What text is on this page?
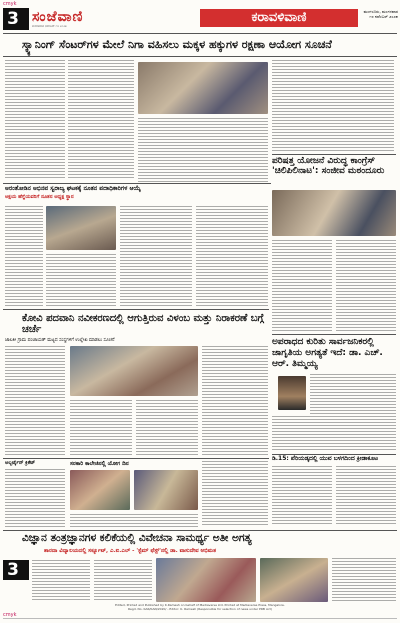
cmyk
cmyk
3 ಸಂಜೆವಾಣಿ
ಮಂಗಳವಾರ ನವೆಂಬರ್ ೧೮ ೨೦೨೫
ಕರಾವಳಿವಾಣಿ	ಮಂಗಳೂರು, ಮಂಗಳವಾರ ೧೮ ನವೆಂಬರ್ ೨೦೨೫
ಸ್ಕ್ಯಾನಿಂಗ್ ಸೆಂಟರ್‌ಗಳ ಮೇಲೆ ನಿಗಾ ವಹಿಸಲು ಮಕ್ಕಳ ಹಕ್ಕುಗಳ ರಕ್ಷಣಾ ಆಯೋಗ ಸೂಚನೆ
ಅರಂತೋಡಿನ ಅಭಿನವ ಸ್ವರಾಜ್ಯ ಘಟಕಕ್ಕೆ ನೂತನ ಪದಾಧಿಕಾರಿಗಳ ಆಯ್ಕೆ
ಅಕ್ಷಯ ಹೆಗ್ಡೆಯವರಿಗೆ ನೂತನ ಅಧ್ಯಕ್ಷ ಸ್ಥಾನ
ಪರಿಷತ್ತ ಯೋಜನೆ ವಿರುದ್ಧ ಕಾಂಗ್ರೆಸ್ 'ಚಿಲಿಪಿಲಿನಾಟ': ಸಂಜೀವ ಮಠಂದೂರು
ಕೋವಿ ಪದವಾನಿ ನವೀಕರಣದಲ್ಲಿ ಆಗುತ್ತಿರುವ ವಿಳಂಬ ಮತ್ತು ನಿರಾಕರಣೆ ಬಗ್ಗೆ ಚರ್ಚೆ
ಜಾಲತೀ ಗ್ರಾಮ ಪಂಚಾಯತ್ ಮಟ್ಟದ ಸಂಸ್ಥಗಳಿಗೆ ಉಲ್ಲೇಖ ಮಾಡಲು ಸೂಚನೆ	ಅಪರಾಧದ ಕುರಿತು ಸಾರ್ವಜನಿಕರಲ್ಲಿ ಜಾಗೃತಿಯ ಅಗತ್ಯತೆ ಇದೆ: ಡಾ. ಎಚ್. ಆರ್. ತಿಮ್ಮಯ್ಯ
ಡಿ.15: ಪೆರಿಯಡ್ಕದಲ್ಲಿ ಯುವ ಬಳಗದಿಂದ ಕ್ರೀಡಾಕೂಟ
ಅಲ್ಬರ್ಟೈನ್ ಕ್ರಿಕೆಟ್	ಸರಕಾರಿ ಕಾಲೇಜಿನಲ್ಲಿ ಯೋಗ ದಿನ
ವಿಜ್ಞಾನ ತಂತ್ರಜ್ಞಾನಗಳ ಕಲಿಕೆಯಲ್ಲಿ ವಿವೇಚನಾ ಸಾಮರ್ಥ್ಯ ಅತೀ ಅಗತ್ಯ
ಶಾರದಾ ವಿದ್ಯಾಲಯದಲ್ಲಿ ಸರ್ಕ್ಯೂಟ್, ಎ.ಐ.ಎಲ್ - 'ಸ್ಟೆಮ್ ಫೆಸ್ಟ್'ನಲ್ಲಿ ಡಾ. ವಾಸುದೇವ ಅಭಿಮತ
3
Edited, Printed and Published by K.Ramesh on behalf of Mediaverse Ltd. Printed at Mediaverse Press, Mangalore.
Regd. No. KAR/KAN/2020/ - Editor: K. Ramesh (Responsible for selection of news under PRB Act)
